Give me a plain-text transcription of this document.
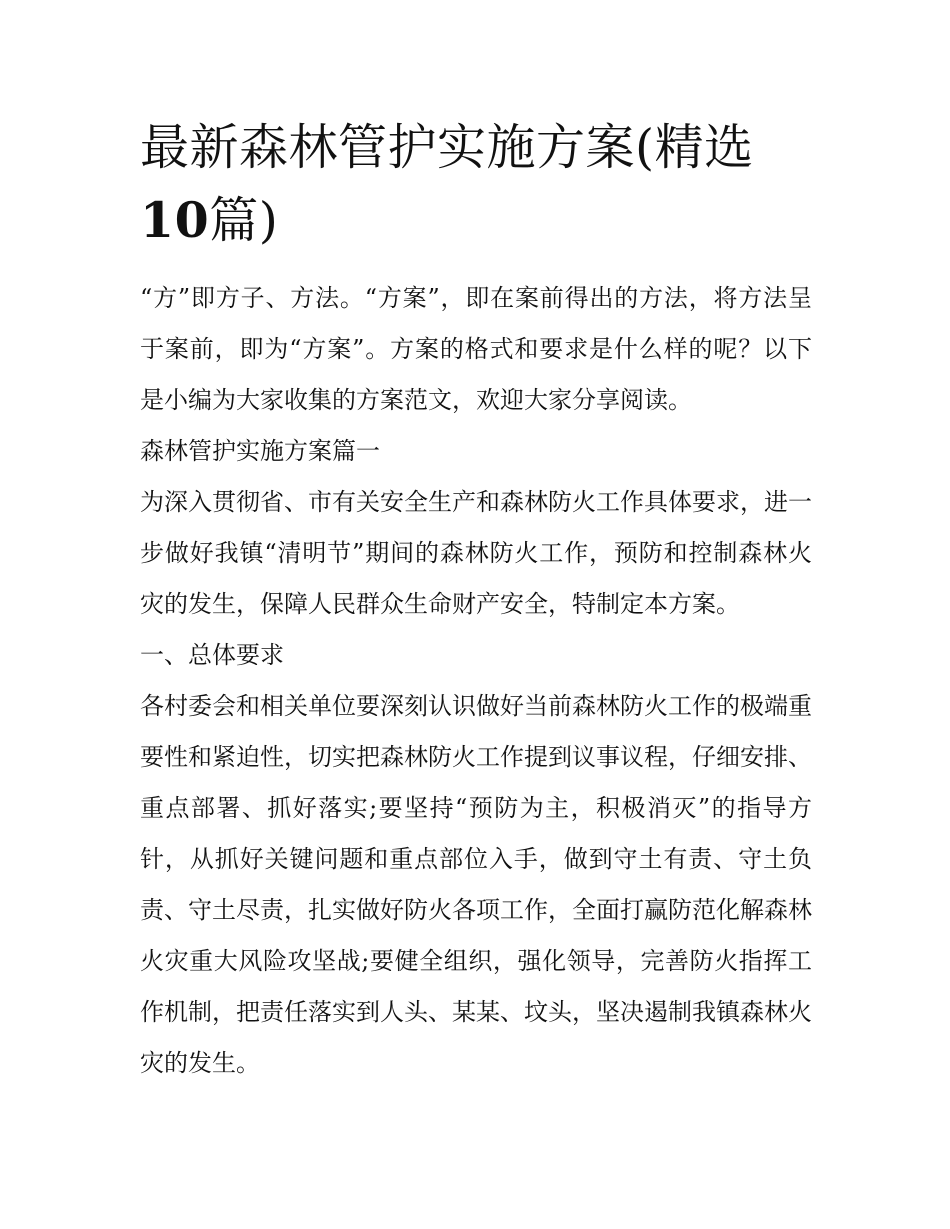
最新森林管护实施方案(精选10篇)

“方”即方子、方法。“方案”，即在案前得出的方法，将方法呈于案前，即为“方案”。方案的格式和要求是什么样的呢？以下是小编为大家收集的方案范文，欢迎大家分享阅读。

森林管护实施方案篇一

为深入贯彻省、市有关安全生产和森林防火工作具体要求，进一步做好我镇“清明节”期间的森林防火工作，预防和控制森林火灾的发生，保障人民群众生命财产安全，特制定本方案。

一、总体要求

各村委会和相关单位要深刻认识做好当前森林防火工作的极端重要性和紧迫性，切实把森林防火工作提到议事议程，仔细安排、重点部署、抓好落实;要坚持“预防为主，积极消灭”的指导方针，从抓好关键问题和重点部位入手，做到守土有责、守土负责、守土尽责，扎实做好防火各项工作，全面打赢防范化解森林火灾重大风险攻坚战;要健全组织，强化领导，完善防火指挥工作机制，把责任落实到人头、某某、坟头，坚决遏制我镇森林火灾的发生。
